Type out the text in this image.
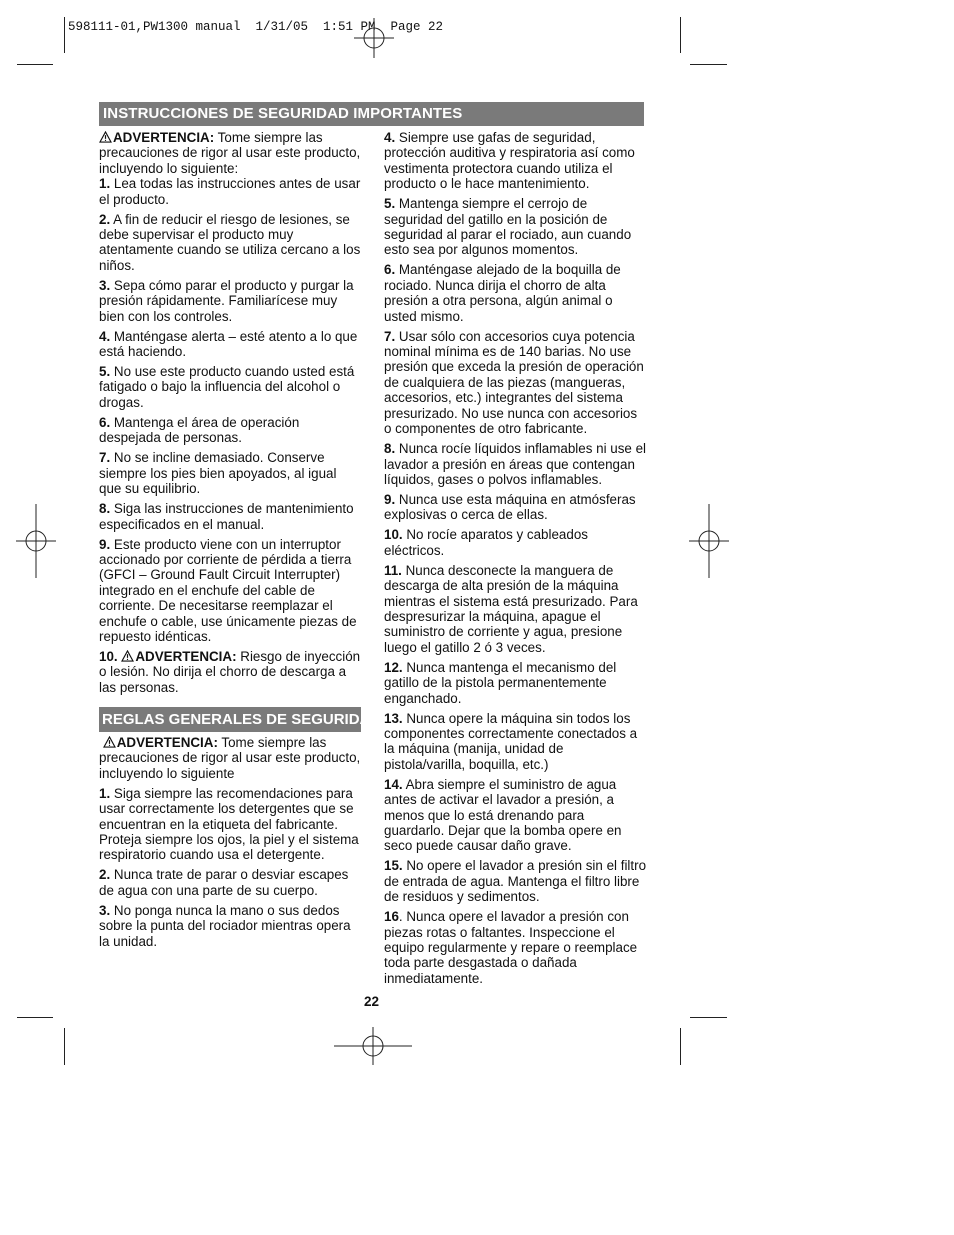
598111-01,PW1300 manual  1/31/05  1:51 PM  Page 22
INSTRUCCIONES DE SEGURIDAD IMPORTANTES

ADVERTENCIA: Tome siempre las precauciones de rigor al usar este producto, incluyendo lo siguiente:

1. Lea todas las instrucciones antes de usar el producto.

2. A fin de reducir el riesgo de lesiones, se debe supervisar el producto muy atentamente cuando se utiliza cercano a los niños.

3. Sepa cómo parar el producto y purgar la presión rápidamente. Familiarícese muy bien con los controles.

4. Manténgase alerta – esté atento a lo que está haciendo.

5. No use este producto cuando usted está fatigado o bajo la influencia del alcohol o drogas.

6. Mantenga el área de operación despejada de personas.

7. No se incline demasiado. Conserve siempre los pies bien apoyados, al igual que su equilibrio.

8. Siga las instrucciones de mantenimiento especificados en el manual.

9. Este producto viene con un interruptor accionado por corriente de pérdida a tierra (GFCI – Ground Fault Circuit Interrupter) integrado en el enchufe del cable de corriente. De necesitarse reemplazar el enchufe o cable, use únicamente piezas de repuesto idénticas.

10. ADVERTENCIA: Riesgo de inyección o lesión. No dirija el chorro de descarga a las personas.

REGLAS GENERALES DE SEGURIDAD

ADVERTENCIA: Tome siempre las precauciones de rigor al usar este producto, incluyendo lo siguiente

1. Siga siempre las recomendaciones para usar correctamente los detergentes que se encuentran en la etiqueta del fabricante. Proteja siempre los ojos, la piel y el sistema respiratorio cuando usa el detergente.

2. Nunca trate de parar o desviar escapes de agua con una parte de su cuerpo.

3. No ponga nunca la mano o sus dedos sobre la punta del rociador mientras opera la unidad.

4. Siempre use gafas de seguridad, protección auditiva y respiratoria así como vestimenta protectora cuando utiliza el producto o le hace mantenimiento.

5. Mantenga siempre el cerrojo de seguridad del gatillo en la posición de seguridad al parar el rociado, aun cuando esto sea por algunos momentos.

6. Manténgase alejado de la boquilla de rociado. Nunca dirija el chorro de alta presión a otra persona, algún animal o usted mismo.

7. Usar sólo con accesorios cuya potencia nominal mínima es de 140 barias. No use presión que exceda la presión de operación de cualquiera de las piezas (mangueras, accesorios, etc.) integrantes del sistema presurizado. No use nunca con accesorios o componentes de otro fabricante.

8. Nunca rocíe líquidos inflamables ni use el lavador a presión en áreas que contengan líquidos, gases o polvos inflamables.

9. Nunca use esta máquina en atmósferas explosivas o cerca de ellas.

10. No rocíe aparatos y cableados eléctricos.

11. Nunca desconecte la manguera de descarga de alta presión de la máquina mientras el sistema está presurizado. Para despresurizar la máquina, apague el suministro de corriente y agua, presione luego el gatillo 2 ó 3 veces.

12. Nunca mantenga el mecanismo del gatillo de la pistola permanentemente enganchado.

13. Nunca opere la máquina sin todos los componentes correctamente conectados a la máquina (manija, unidad de pistola/varilla, boquilla, etc.)

14. Abra siempre el suministro de agua antes de activar el lavador a presión, a menos que lo está drenando para guardarlo. Dejar que la bomba opere en seco puede causar daño grave.

15. No opere el lavador a presión sin el filtro de entrada de agua. Mantenga el filtro libre de residuos y sedimentos.

16. Nunca opere el lavador a presión con piezas rotas o faltantes. Inspeccione el equipo regularmente y repare o reemplace toda parte desgastada o dañada inmediatamente.

22
